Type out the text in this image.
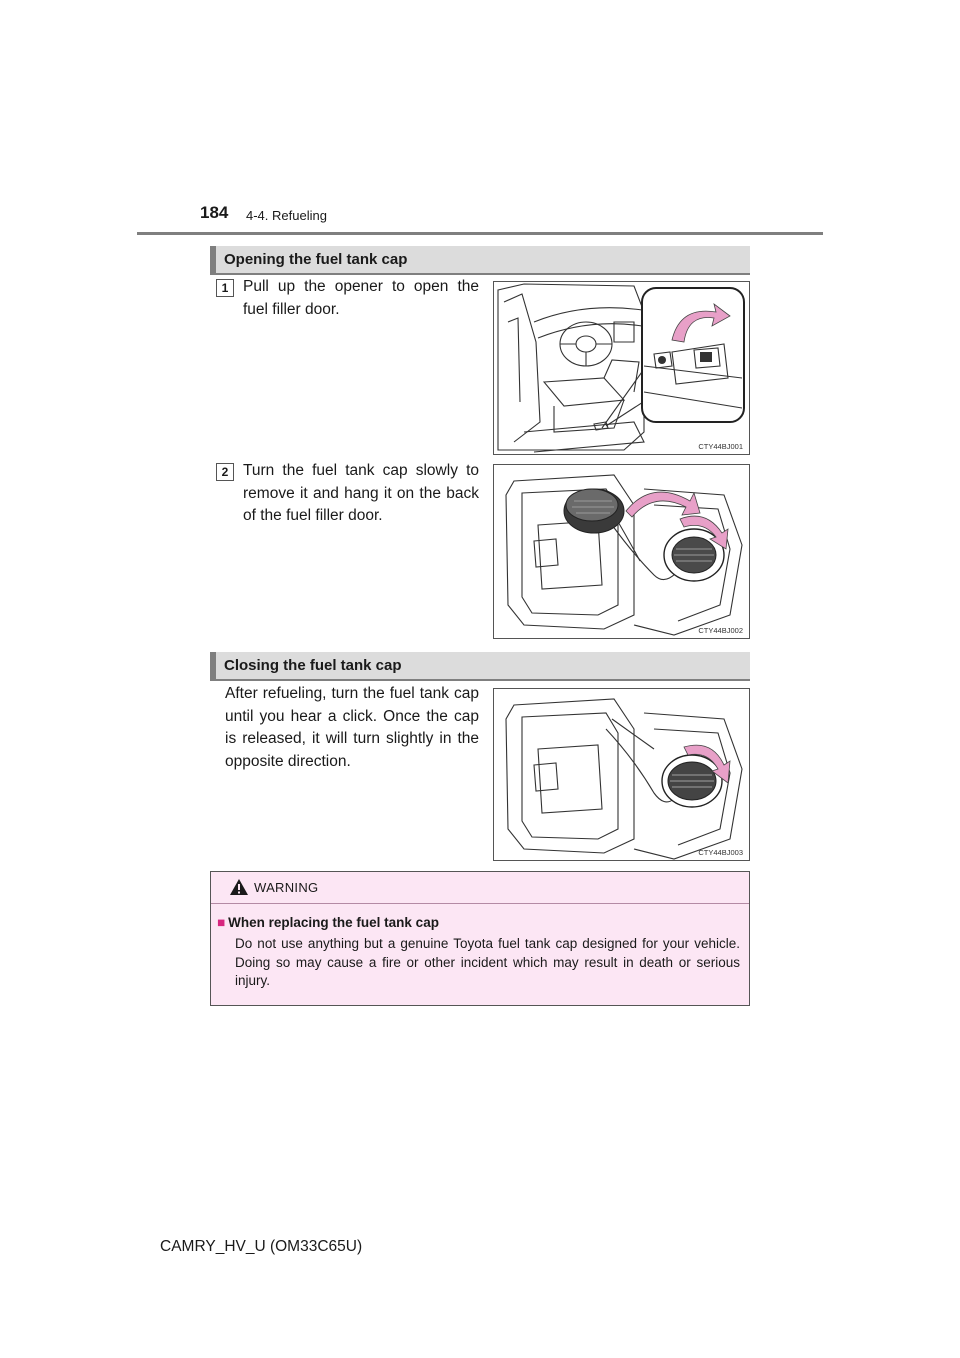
184 4-4. Refueling
Opening the fuel tank cap
1 Pull up the opener to open the fuel filler door.
CTY44BJ001
2 Turn the fuel tank cap slowly to remove it and hang it on the back of the fuel filler door.
CTY44BJ002
Closing the fuel tank cap
After refueling, turn the fuel tank cap until you hear a click. Once the cap is released, it will turn slightly in the opposite direction.
CTY44BJ003
WARNING
■ When replacing the fuel tank cap
Do not use anything but a genuine Toyota fuel tank cap designed for your vehicle. Doing so may cause a fire or other incident which may result in death or serious injury.
CAMRY_HV_U (OM33C65U)
